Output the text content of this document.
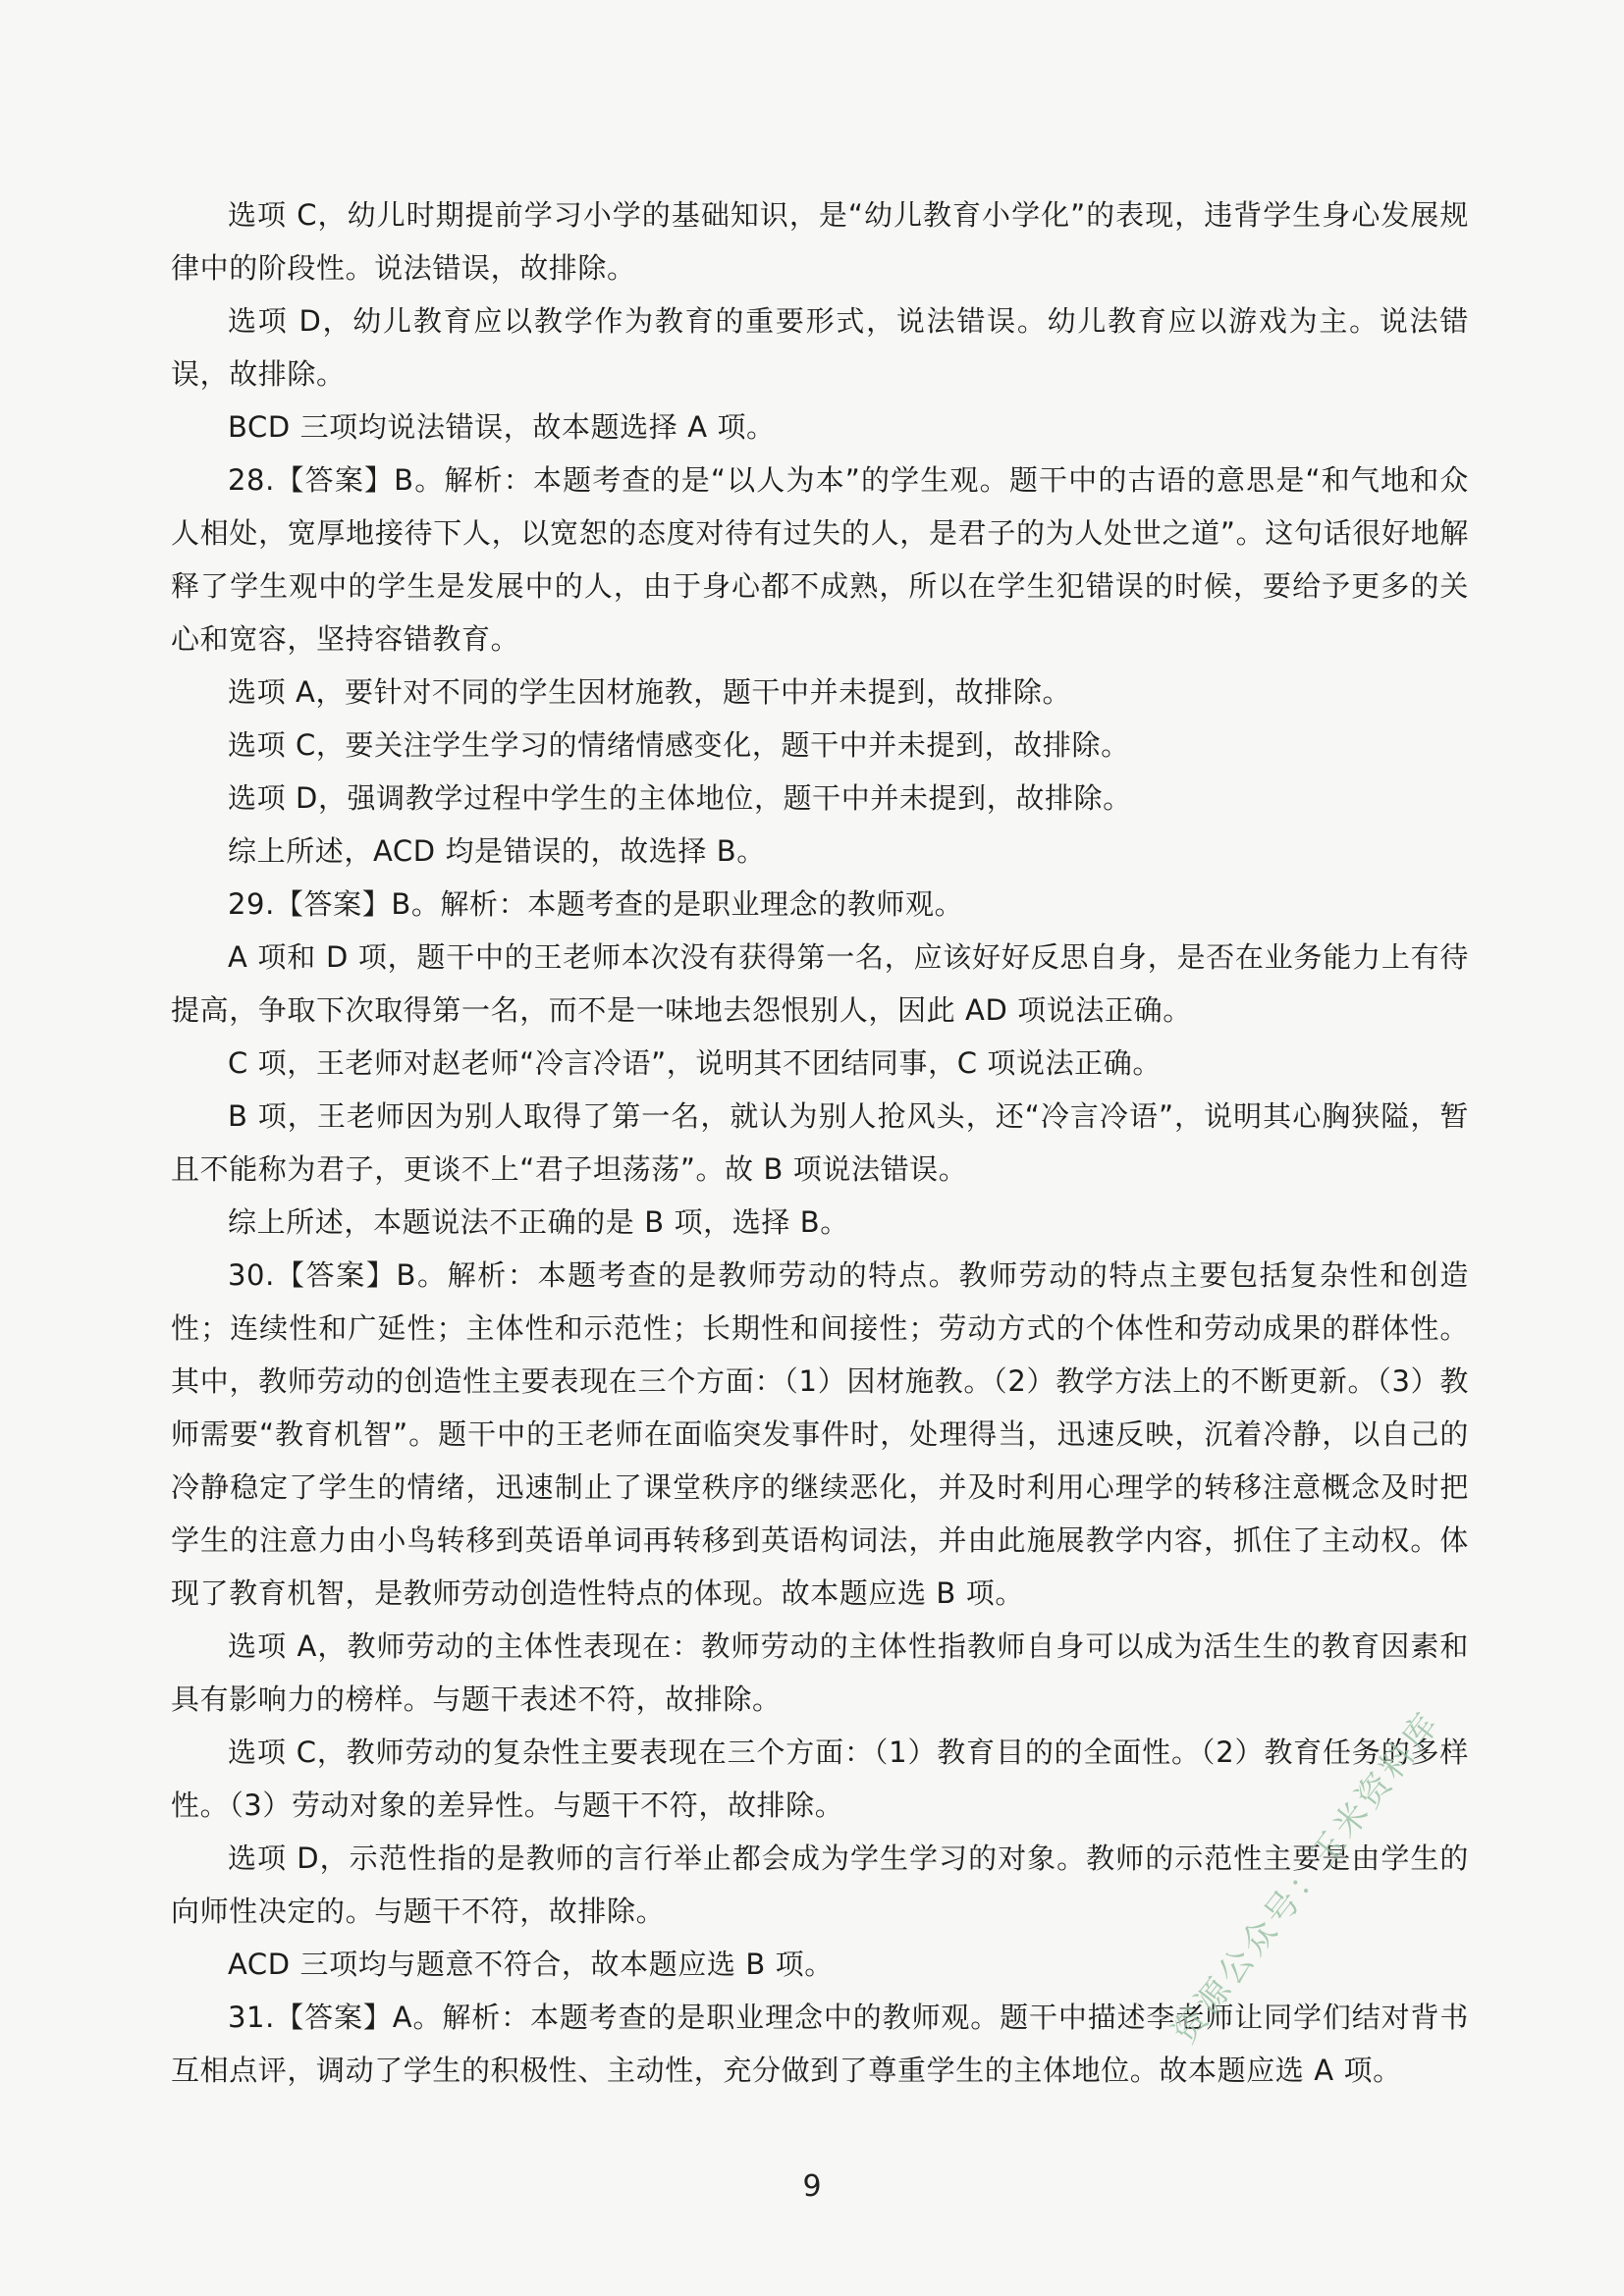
选项 C，幼儿时期提前学习小学的基础知识，是“幼儿教育小学化”的表现，违背学生身心发展规律中的阶段性。说法错误，故排除。

选项 D，幼儿教育应以教学作为教育的重要形式，说法错误。幼儿教育应以游戏为主。说法错误，故排除。

BCD 三项均说法错误，故本题选择 A 项。

28.【答案】B。解析：本题考查的是“以人为本”的学生观。题干中的古语的意思是“和气地和众人相处，宽厚地接待下人，以宽恕的态度对待有过失的人，是君子的为人处世之道”。这句话很好地解释了学生观中的学生是发展中的人，由于身心都不成熟，所以在学生犯错误的时候，要给予更多的关心和宽容，坚持容错教育。

选项 A，要针对不同的学生因材施教，题干中并未提到，故排除。

选项 C，要关注学生学习的情绪情感变化，题干中并未提到，故排除。

选项 D，强调教学过程中学生的主体地位，题干中并未提到，故排除。

综上所述，ACD 均是错误的，故选择 B。

29.【答案】B。解析：本题考查的是职业理念的教师观。

A 项和 D 项，题干中的王老师本次没有获得第一名，应该好好反思自身，是否在业务能力上有待提高，争取下次取得第一名，而不是一味地去怨恨别人，因此 AD 项说法正确。

C 项，王老师对赵老师“冷言冷语”，说明其不团结同事，C 项说法正确。

B 项，王老师因为别人取得了第一名，就认为别人抢风头，还“冷言冷语”，说明其心胸狭隘，暂且不能称为君子，更谈不上“君子坦荡荡”。故 B 项说法错误。

综上所述，本题说法不正确的是 B 项，选择 B。

30.【答案】B。解析：本题考查的是教师劳动的特点。教师劳动的特点主要包括复杂性和创造性；连续性和广延性；主体性和示范性；长期性和间接性；劳动方式的个体性和劳动成果的群体性。其中，教师劳动的创造性主要表现在三个方面：（1）因材施教。（2）教学方法上的不断更新。（3）教师需要“教育机智”。题干中的王老师在面临突发事件时，处理得当，迅速反映，沉着冷静，以自己的冷静稳定了学生的情绪，迅速制止了课堂秩序的继续恶化，并及时利用心理学的转移注意概念及时把学生的注意力由小鸟转移到英语单词再转移到英语构词法，并由此施展教学内容，抓住了主动权。体现了教育机智，是教师劳动创造性特点的体现。故本题应选 B 项。

选项 A，教师劳动的主体性表现在：教师劳动的主体性指教师自身可以成为活生生的教育因素和具有影响力的榜样。与题干表述不符，故排除。

选项 C，教师劳动的复杂性主要表现在三个方面：（1）教育目的的全面性。（2）教育任务的多样性。（3）劳动对象的差异性。与题干不符，故排除。

选项 D，示范性指的是教师的言行举止都会成为学生学习的对象。教师的示范性主要是由学生的向师性决定的。与题干不符，故排除。

ACD 三项均与题意不符合，故本题应选 B 项。

31.【答案】A。解析：本题考查的是职业理念中的教师观。题干中描述李老师让同学们结对背书互相点评，调动了学生的积极性、主动性，充分做到了尊重学生的主体地位。故本题应选 A 项。

9
资源公众号：玉米资料库
